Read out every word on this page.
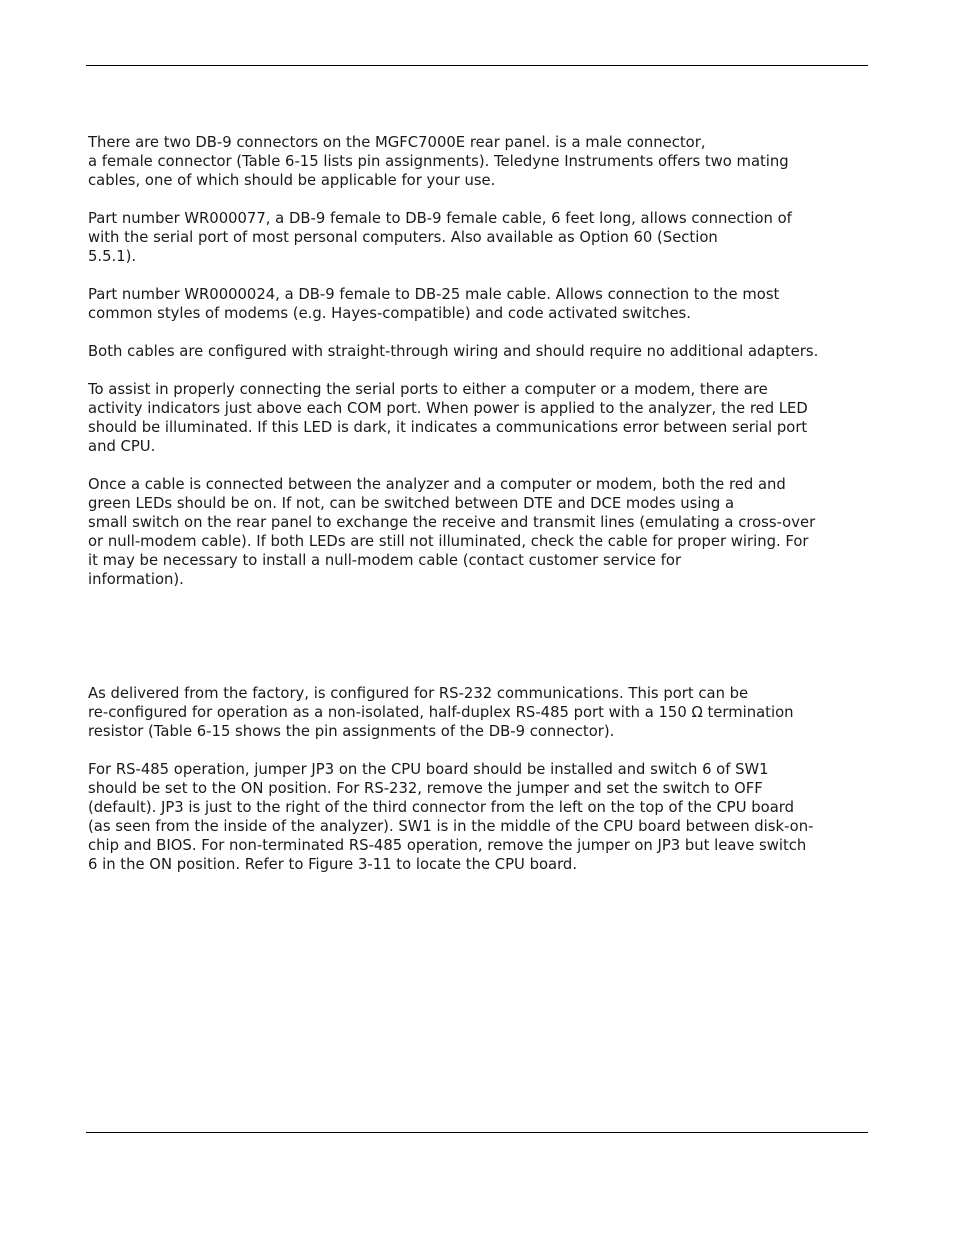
There are two DB-9 connectors on the MGFC7000E rear panel. is a male connector,
a female connector (Table 6-15 lists pin assignments). Teledyne Instruments offers two mating
cables, one of which should be applicable for your use.

Part number WR000077, a DB-9 female to DB-9 female cable, 6 feet long, allows connection of
with the serial port of most personal computers. Also available as Option 60 (Section
5.5.1).

Part number WR0000024, a DB-9 female to DB-25 male cable. Allows connection to the most
common styles of modems (e.g. Hayes-compatible) and code activated switches.

Both cables are configured with straight-through wiring and should require no additional adapters.

To assist in properly connecting the serial ports to either a computer or a modem, there are
activity indicators just above each COM port. When power is applied to the analyzer, the red LED
should be illuminated. If this LED is dark, it indicates a communications error between serial port
and CPU.

Once a cable is connected between the analyzer and a computer or modem, both the red and
green LEDs should be on. If not, can be switched between DTE and DCE modes using a
small switch on the rear panel to exchange the receive and transmit lines (emulating a cross-over
or null-modem cable). If both LEDs are still not illuminated, check the cable for proper wiring. For
it may be necessary to install a null-modem cable (contact customer service for
information).

As delivered from the factory, is configured for RS-232 communications. This port can be
re-configured for operation as a non-isolated, half-duplex RS-485 port with a 150 Ω termination
resistor (Table 6-15 shows the pin assignments of the DB-9 connector).

For RS-485 operation, jumper JP3 on the CPU board should be installed and switch 6 of SW1
should be set to the ON position. For RS-232, remove the jumper and set the switch to OFF
(default). JP3 is just to the right of the third connector from the left on the top of the CPU board
(as seen from the inside of the analyzer). SW1 is in the middle of the CPU board between disk-on-
chip and BIOS. For non-terminated RS-485 operation, remove the jumper on JP3 but leave switch
6 in the ON position. Refer to Figure 3-11 to locate the CPU board.
